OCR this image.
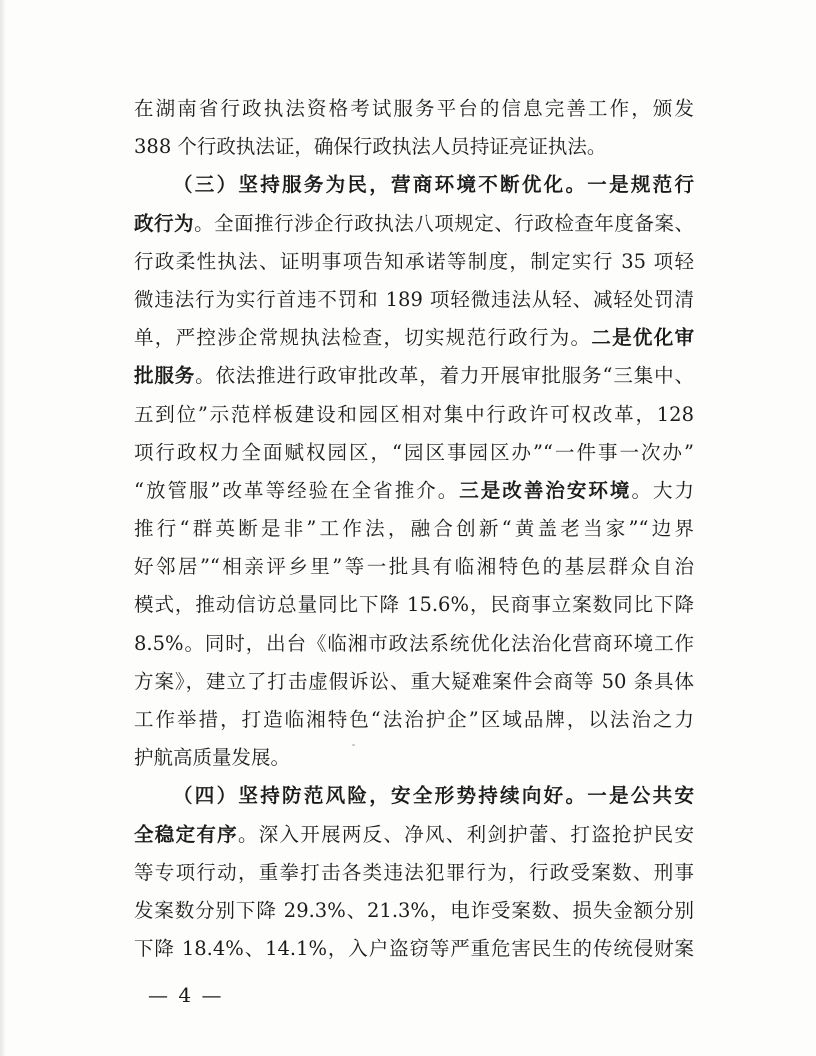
在湖南省行政执法资格考试服务平台的信息完善工作，颁发
388 个行政执法证，确保行政执法人员持证亮证执法。
（三）坚持服务为民，营商环境不断优化。一是规范行
政行为。全面推行涉企行政执法八项规定、行政检查年度备案、
行政柔性执法、证明事项告知承诺等制度，制定实行 35 项轻
微违法行为实行首违不罚和 189 项轻微违法从轻、减轻处罚清
单，严控涉企常规执法检查，切实规范行政行为。二是优化审
批服务。依法推进行政审批改革，着力开展审批服务“三集中、
五到位”示范样板建设和园区相对集中行政许可权改革，128
项行政权力全面赋权园区，“园区事园区办”“一件事一次办”
“放管服”改革等经验在全省推介。三是改善治安环境。大力
推行“群英断是非”工作法，融合创新“黄盖老当家”“边界
好邻居”“相亲评乡里”等一批具有临湘特色的基层群众自治
模式，推动信访总量同比下降 15.6%，民商事立案数同比下降
8.5%。同时，出台《临湘市政法系统优化法治化营商环境工作
方案》，建立了打击虚假诉讼、重大疑难案件会商等 50 条具体
工作举措，打造临湘特色“法治护企”区域品牌，以法治之力
护航高质量发展。
（四）坚持防范风险，安全形势持续向好。一是公共安
全稳定有序。深入开展两反、净风、利剑护蕾、打盗抢护民安
等专项行动，重拳打击各类违法犯罪行为，行政受案数、刑事
发案数分别下降 29.3%、21.3%，电诈受案数、损失金额分别
下降 18.4%、14.1%，入户盗窃等严重危害民生的传统侵财案
— 4 —
